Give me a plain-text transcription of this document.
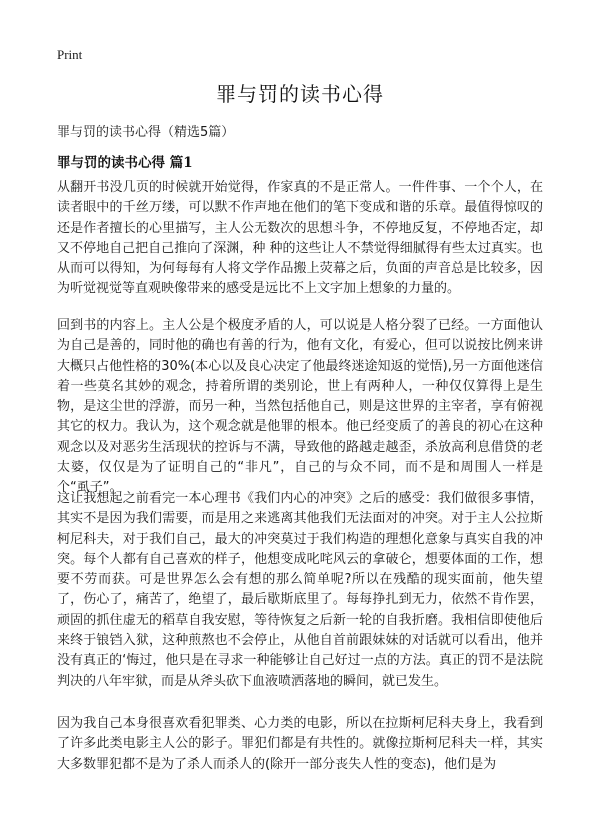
Print
罪与罚的读书心得
罪与罚的读书心得（精选5篇）
罪与罚的读书心得 篇1

从翻开书没几页的时候就开始觉得，作家真的不是正常人。一件件事、一个个人，在读者眼中的千丝万缕，可以默不作声地在他们的笔下变成和谐的乐章。最值得惊叹的还是作者擅长的心里描写，主人公无数次的思想斗争，不停地反复，不停地否定，却又不停地自己把自己推向了深渊，种 种的这些让人不禁觉得细腻得有些太过真实。也从而可以得知，为何每每有人将文学作品搬上荧幕之后，负面的声音总是比较多，因为听觉视觉等直观映像带来的感受是远比不上文字加上想象的力量的。

回到书的内容上。主人公是个极度矛盾的人，可以说是人格分裂了已经。一方面他认为自己是善的，同时他的确也有善的行为，他有文化，有爱心，但可以说按比例来讲大概只占他性格的30%(本心以及良心决定了他最终迷途知返的觉悟),另一方面他迷信着一些莫名其妙的观念，持着所谓的类别论，世上有两种人，一种仅仅算得上是生物，是这尘世的浮游，而另一种，当然包括他自己，则是这世界的主宰者，享有俯视其它的权力。我认为，这个观念就是他罪的根本。他已经变质了的善良的初心在这种观念以及对恶劣生活现状的控诉与不满，导致他的路越走越歪，杀放高利息借贷的老太婆，仅仅是为了证明自己的“非凡”，自己的与众不同，而不是和周围人一样是个“虱子”。

这让我想起之前看完一本心理书《我们内心的冲突》之后的感受：我们做很多事情，其实不是因为我们需要，而是用之来逃离其他我们无法面对的冲突。对于主人公拉斯柯尼科夫，对于我们自己，最大的冲突莫过于我们构造的理想化意象与真实自我的冲突。每个人都有自己喜欢的样子，他想变成叱咤风云的拿破仑，想要体面的工作，想要不劳而获。可是世界怎么会有想的那么简单呢?所以在残酷的现实面前，他失望了，伤心了，痛苦了，绝望了，最后歇斯底里了。每每挣扎到无力，依然不肯作罢，顽固的抓住虚无的稻草自我安慰，等待恢复之后新一轮的自我折磨。我相信即使他后来终于锒铛入狱，这种煎熬也不会停止，从他自首前跟妹妹的对话就可以看出，他并没有真正的‘悔过，他只是在寻求一种能够让自己好过一点的方法。真正的罚不是法院判决的八年牢狱，而是从斧头砍下血液喷洒落地的瞬间，就已发生。

因为我自己本身很喜欢看犯罪类、心力类的电影，所以在拉斯柯尼科夫身上，我看到了许多此类电影主人公的影子。罪犯们都是有共性的。就像拉斯柯尼科夫一样，其实大多数罪犯都不是为了杀人而杀人的(除开一部分丧失人性的变态)，他们是为
